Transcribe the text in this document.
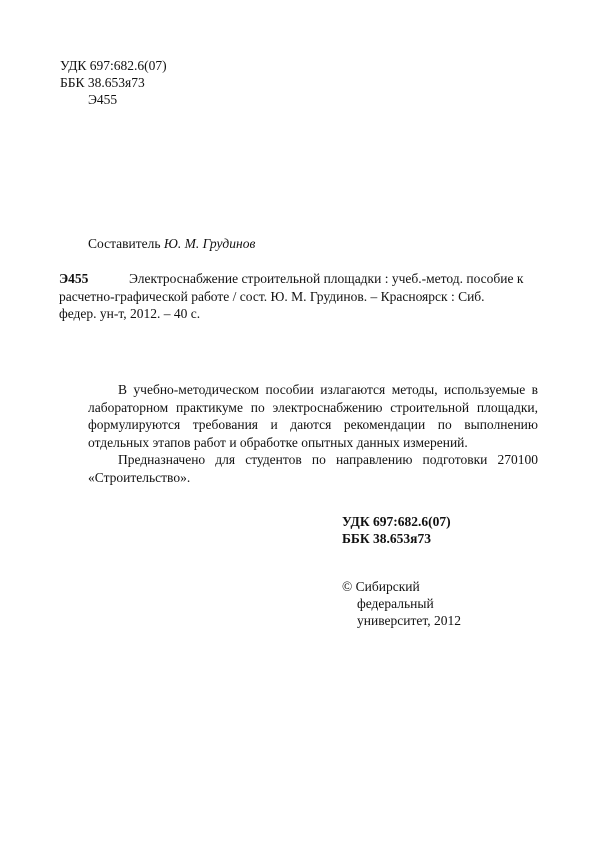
УДК 697:682.6(07)
ББК 38.653я73
Э455
Составитель Ю. М. Грудинов
Э455	Электроснабжение строительной площадки : учеб.-метод. пособие к
расчетно-графической работе / сост. Ю. М. Грудинов. – Красноярск : Сиб.
федер. ун-т, 2012. – 40 с.

В учебно-методическом пособии излагаются методы, используемые в лабораторном практикуме по электроснабжению строительной площадки, формулируются требования и даются рекомендации по выполнению отдельных этапов работ и обработке опытных данных измерений.

Предназначено для студентов по направлению подготовки 270100 «Строительство».

УДК 697:682.6(07)
ББК 38.653я73
© Сибирский
федеральный
университет, 2012
